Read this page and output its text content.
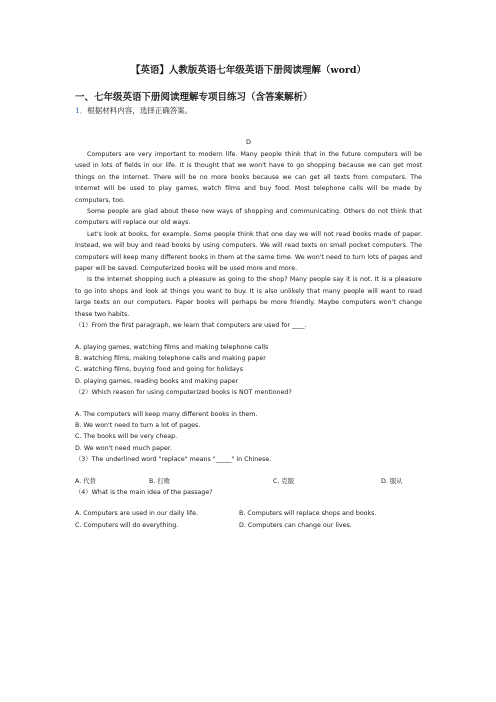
【英语】人教版英语七年级英语下册阅读理解（word）
一、七年级英语下册阅读理解专项目练习（含答案解析）
1．根据材料内容，选择正确答案。
D

Computers are very important to modern life. Many people think that in the future computers will be used in lots of fields in our life. It is thought that we won't have to go shopping because we can get most things on the Internet. There will be no more books because we can get all texts from computers. The Internet will be used to play games, watch films and buy food. Most telephone calls will be made by computers, too.

Some people are glad about these new ways of shopping and communicating. Others do not think that computers will replace our old ways.

Let's look at books, for example. Some people think that one day we will not read books made of paper. Instead, we will buy and read books by using computers. We will read texts on small pocket computers. The computers will keep many different books in them at the same time. We won't need to turn lots of pages and paper will be saved. Computerized books will be used more and more.

Is the Internet shopping such a pleasure as going to the shop? Many people say it is not. It is a pleasure to go into shops and look at things you want to buy. It is also unlikely that many people will want to read large texts on our computers. Paper books will perhaps be more friendly. Maybe computers won't change these two habits.

（1）From the first paragraph, we learn that computers are used for ____.
A. playing games, watching films and making telephone calls
B. watching films, making telephone calls and making paper
C. watching films, buying food and going for holidays
D. playing games, reading books and making paper
（2）Which reason for using computerized books is NOT mentioned?
A. The computers will keep many different books in them.
B. We won't need to turn a lot of pages.
C. The books will be very cheap.
D. We won't need much paper.
（3）The underlined word "replace" means "_____" in Chinese.
A. 代替	B. 打败	C. 克服	D. 服从
（4）What is the main idea of the passage?
A. Computers are used in our daily life.	B. Computers will replace shops and books.
C. Computers will do everything.	D. Computers can change our lives.
